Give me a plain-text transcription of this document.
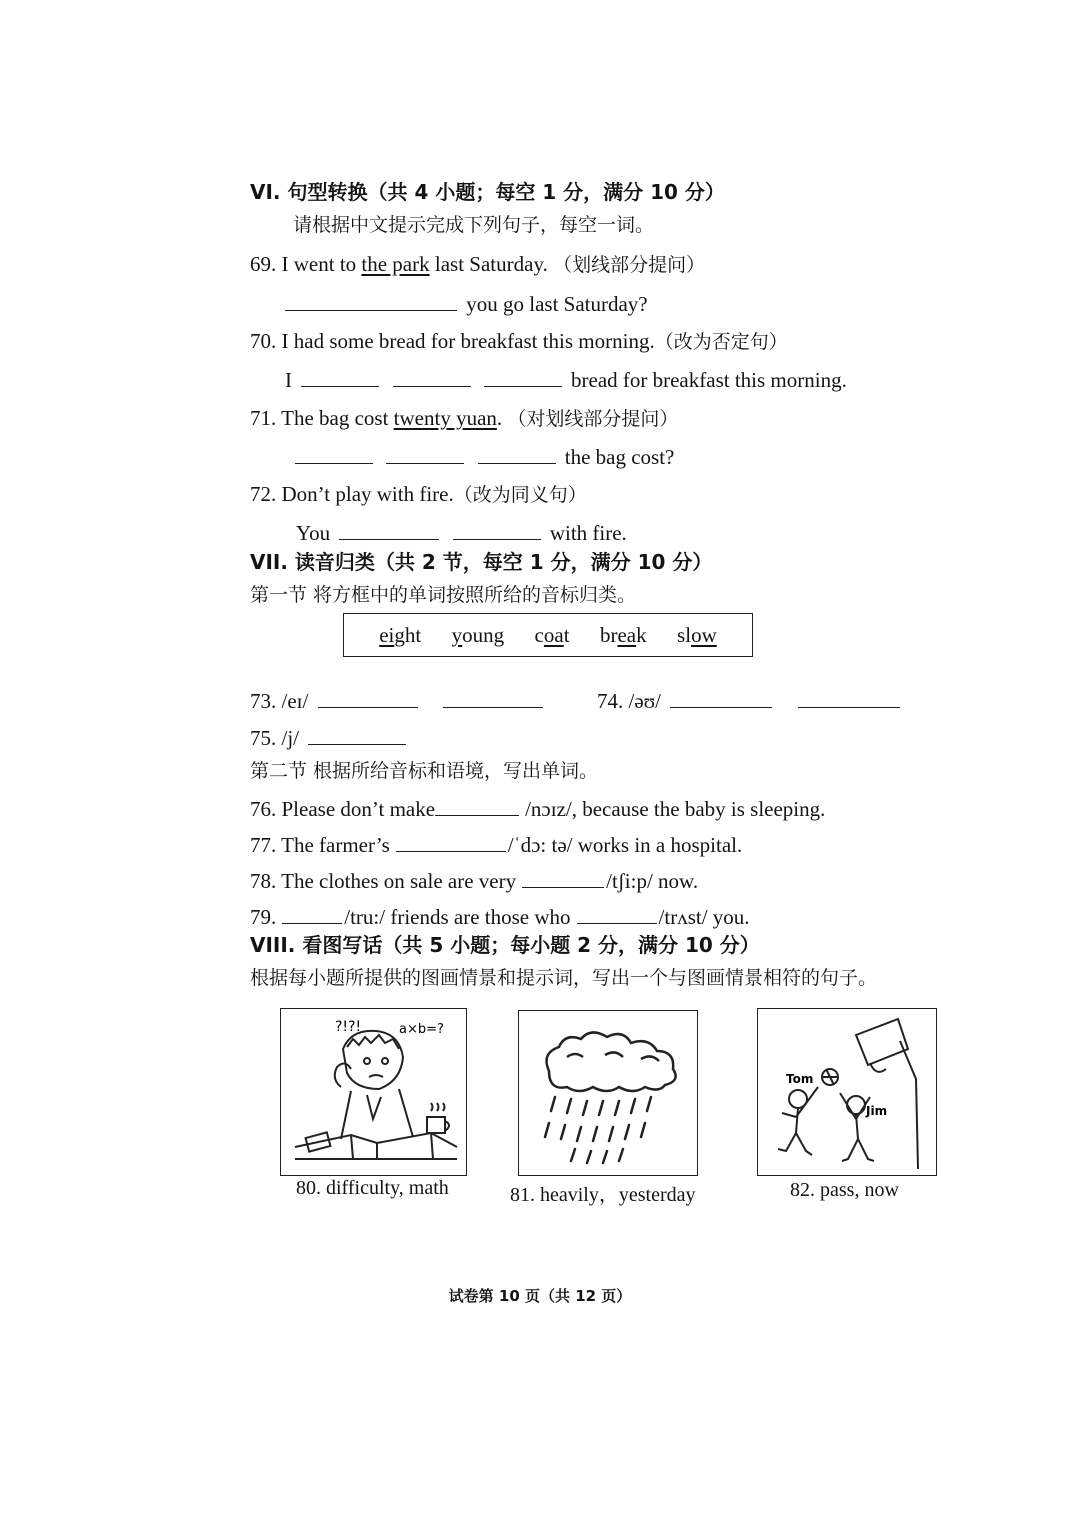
VI. 句型转换（共 4 小题；每空 1 分，满分 10 分）
请根据中文提示完成下列句子，每空一词。
69. I went to the park last Saturday. （划线部分提问）
you go last Saturday?
70. I had some bread for breakfast this morning.（改为否定句）
I	bread for breakfast this morning.
71. The bag cost twenty yuan. （对划线部分提问）
the bag cost?
72. Don’t play with fire.（改为同义句）
You	with fire.
VII. 读音归类（共 2 节，每空 1 分，满分 10 分）
第一节 将方框中的单词按照所给的音标归类。
eight young coat break slow
73. /eɪ/	74. /əʊ/
75. /j/
第二节 根据所给音标和语境，写出单词。
76. Please don’t make	/nɔɪz/, because the baby is sleeping.
77. The farmer’s	/ˈdɔ: tə/ works in a hospital.
78. The clothes on sale are very	/tʃi:p/ now.
79.	/tru:/ friends are those who	/trʌst/ you.
VIII. 看图写话（共 5 小题；每小题 2 分，满分 10 分）
根据每小题所提供的图画情景和提示词，写出一个与图画情景相符的句子。
?!?!	a×b=?
80. difficulty, math	81. heavily，yesterday
Tom
Jim
82. pass, now
试卷第 10 页（共 12 页）
